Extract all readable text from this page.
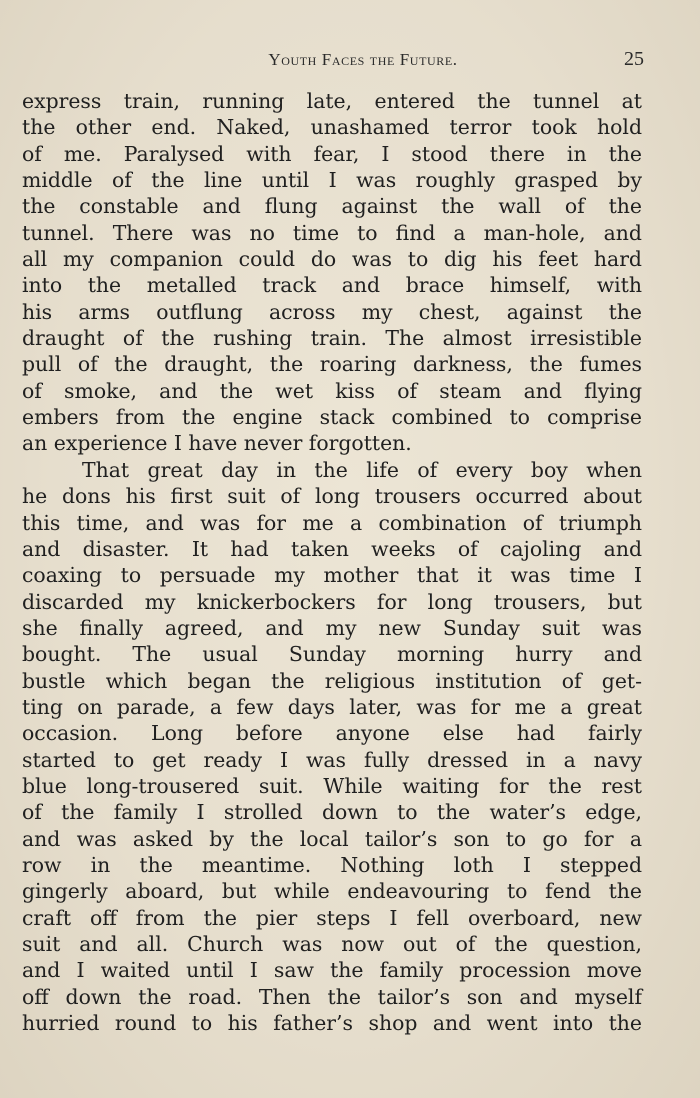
Youth Faces the Future.	25
express train, running late, entered the tunnel at
the other end. Naked, unashamed terror took hold
of me. Paralysed with fear, I stood there in the
middle of the line until I was roughly grasped by
the constable and flung against the wall of the
tunnel. There was no time to find a man-hole, and
all my companion could do was to dig his feet hard
into the metalled track and brace himself, with
his arms outflung across my chest, against the
draught of the rushing train. The almost irresistible
pull of the draught, the roaring darkness, the fumes
of smoke, and the wet kiss of steam and flying
embers from the engine stack combined to comprise
an experience I have never forgotten.
That great day in the life of every boy when
he dons his first suit of long trousers occurred about
this time, and was for me a combination of triumph
and disaster. It had taken weeks of cajoling and
coaxing to persuade my mother that it was time I
discarded my knickerbockers for long trousers, but
she finally agreed, and my new Sunday suit was
bought. The usual Sunday morning hurry and
bustle which began the religious institution of get-
ting on parade, a few days later, was for me a great
occasion. Long before anyone else had fairly
started to get ready I was fully dressed in a navy
blue long-trousered suit. While waiting for the rest
of the family I strolled down to the water’s edge,
and was asked by the local tailor’s son to go for a
row in the meantime. Nothing loth I stepped
gingerly aboard, but while endeavouring to fend the
craft off from the pier steps I fell overboard, new
suit and all. Church was now out of the question,
and I waited until I saw the family procession move
off down the road. Then the tailor’s son and myself
hurried round to his father’s shop and went into the
